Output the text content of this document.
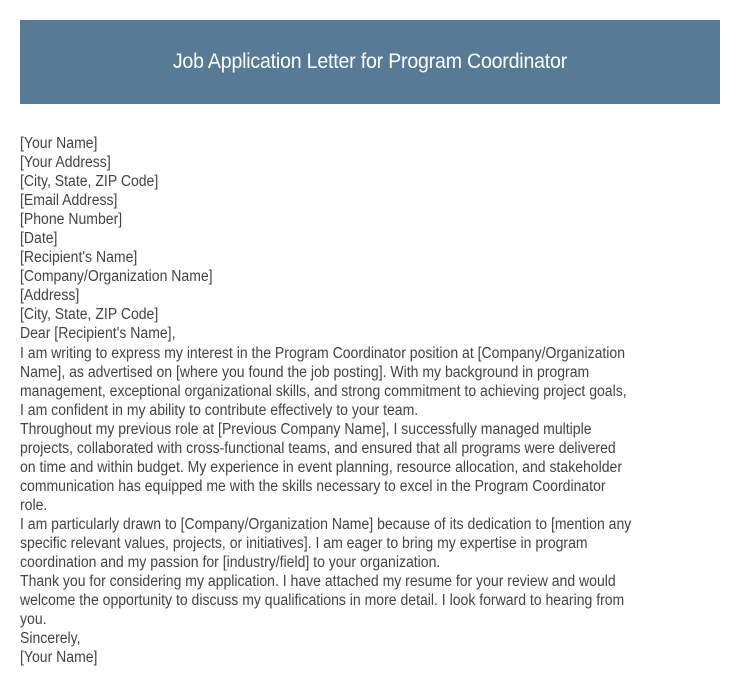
Job Application Letter for Program Coordinator
[Your Name]
[Your Address]
[City, State, ZIP Code]
[Email Address]
[Phone Number]
[Date]
[Recipient's Name]
[Company/Organization Name]
[Address]
[City, State, ZIP Code]
Dear [Recipient's Name],
I am writing to express my interest in the Program Coordinator position at [Company/Organization
Name], as advertised on [where you found the job posting]. With my background in program
management, exceptional organizational skills, and strong commitment to achieving project goals,
I am confident in my ability to contribute effectively to your team.
Throughout my previous role at [Previous Company Name], I successfully managed multiple
projects, collaborated with cross-functional teams, and ensured that all programs were delivered
on time and within budget. My experience in event planning, resource allocation, and stakeholder
communication has equipped me with the skills necessary to excel in the Program Coordinator
role.
I am particularly drawn to [Company/Organization Name] because of its dedication to [mention any
specific relevant values, projects, or initiatives]. I am eager to bring my expertise in program
coordination and my passion for [industry/field] to your organization.
Thank you for considering my application. I have attached my resume for your review and would
welcome the opportunity to discuss my qualifications in more detail. I look forward to hearing from
you.
Sincerely,
[Your Name]
